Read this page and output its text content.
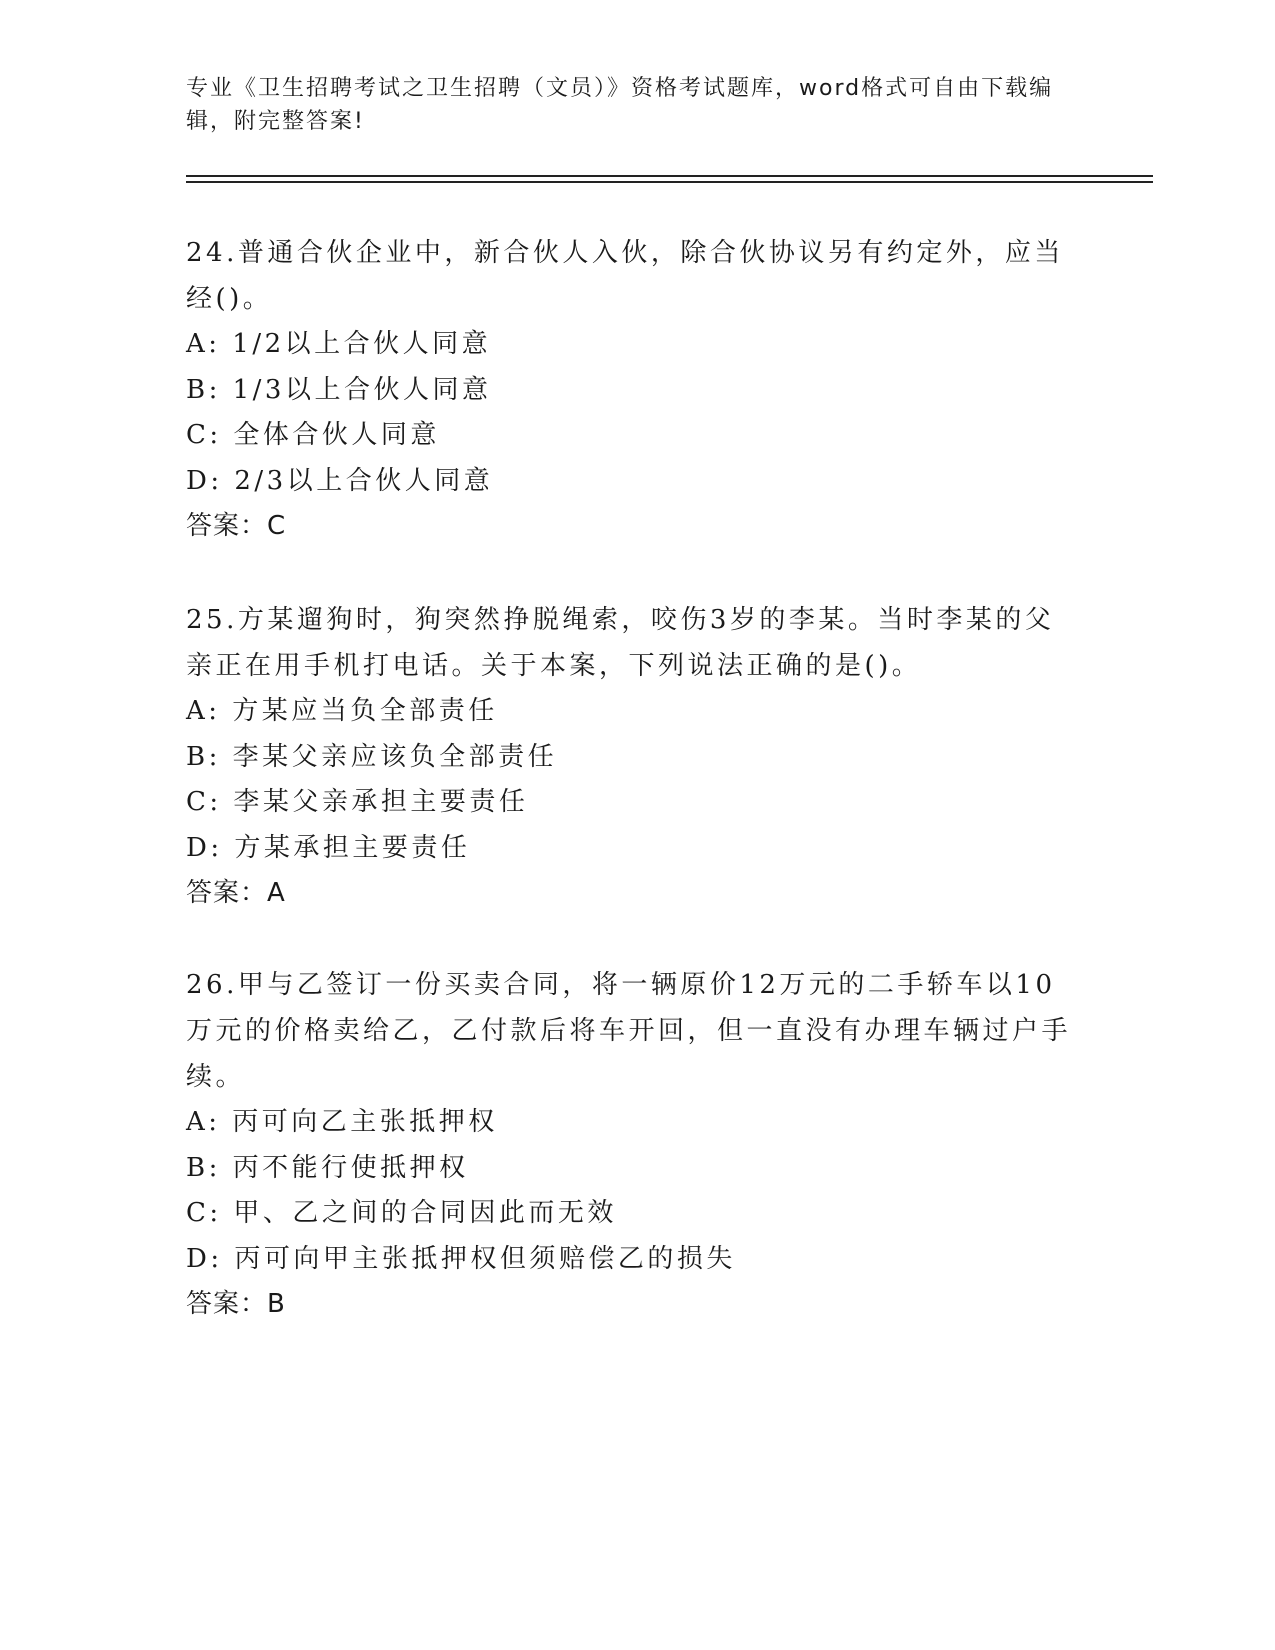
专业《卫生招聘考试之卫生招聘（文员）》资格考试题库，word格式可自由下载编辑，附完整答案!

24.普通合伙企业中，新合伙人入伙，除合伙协议另有约定外，应当经()。

A: 1/2以上合伙人同意
B: 1/3以上合伙人同意
C: 全体合伙人同意
D: 2/3以上合伙人同意
答案：C

25.方某遛狗时，狗突然挣脱绳索，咬伤3岁的李某。当时李某的父亲正在用手机打电话。关于本案，下列说法正确的是()。

A: 方某应当负全部责任
B: 李某父亲应该负全部责任
C: 李某父亲承担主要责任
D: 方某承担主要责任
答案：A

26.甲与乙签订一份买卖合同，将一辆原价12万元的二手轿车以10万元的价格卖给乙，乙付款后将车开回，但一直没有办理车辆过户手续。

A: 丙可向乙主张抵押权
B: 丙不能行使抵押权
C: 甲、乙之间的合同因此而无效
D: 丙可向甲主张抵押权但须赔偿乙的损失
答案：B
